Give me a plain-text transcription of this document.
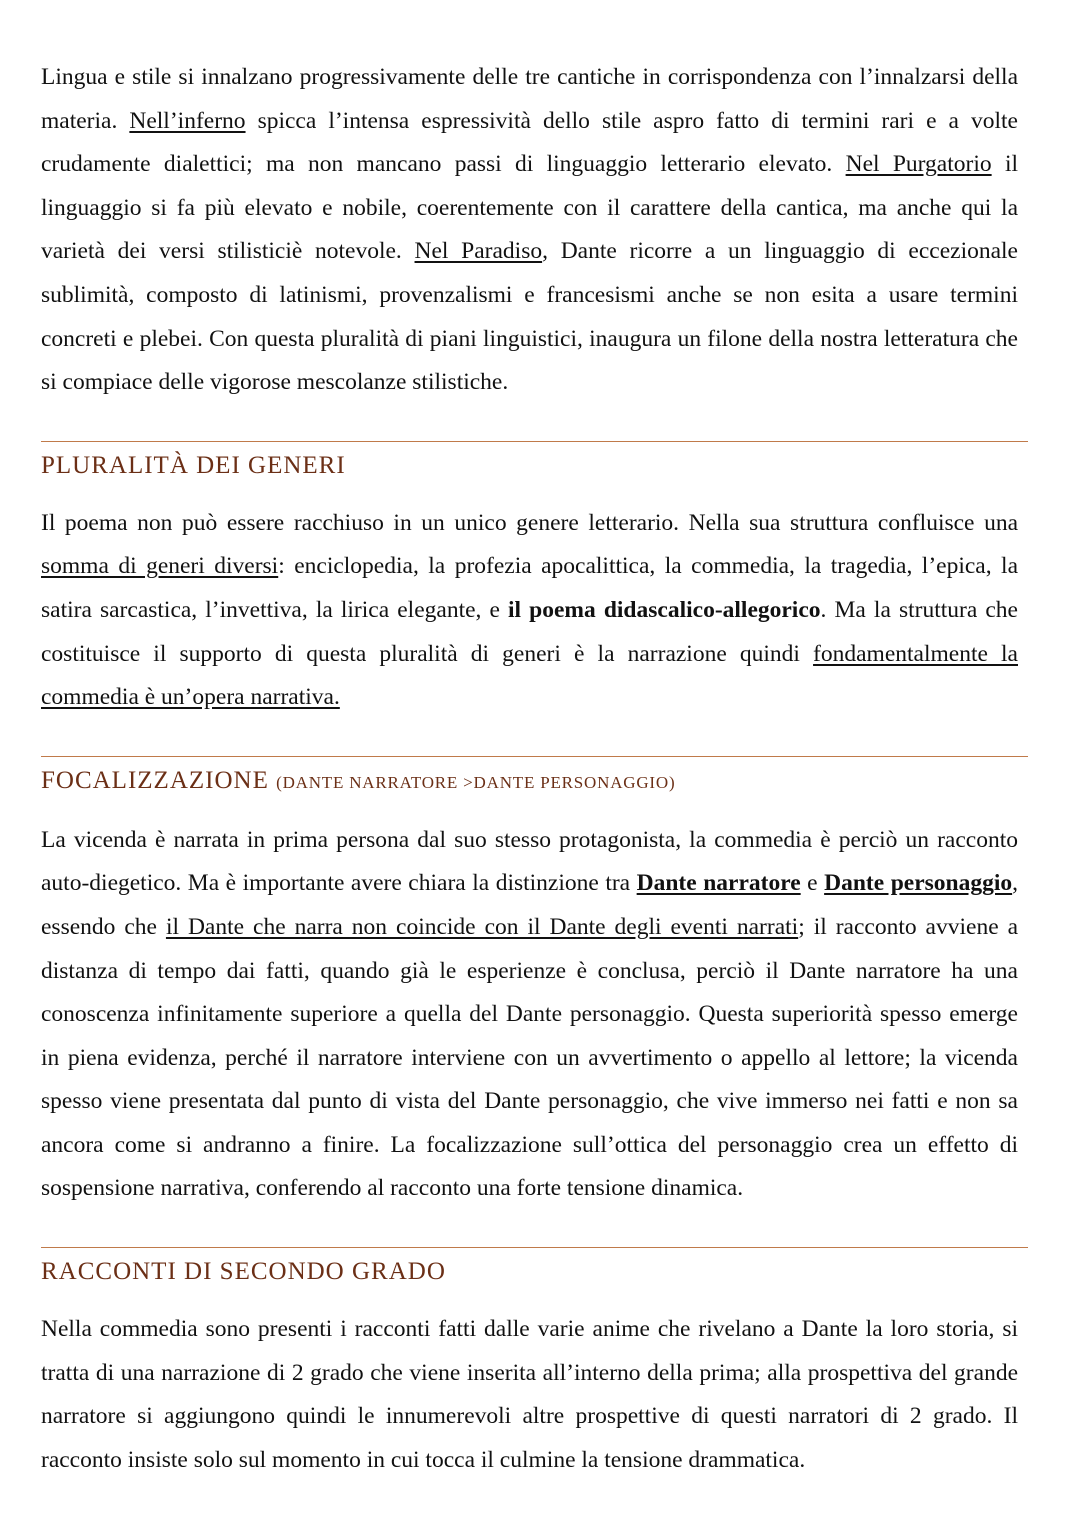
Lingua e stile si innalzano progressivamente delle tre cantiche in corrispondenza con l’innalzarsi della materia. Nell’inferno spicca l’intensa espressività dello stile aspro fatto di termini rari e a volte crudamente dialettici; ma non mancano passi di linguaggio letterario elevato. Nel Purgatorio il linguaggio si fa più elevato e nobile, coerentemente con il carattere della cantica, ma anche qui la varietà dei versi stilisticiè notevole. Nel Paradiso, Dante ricorre a un linguaggio di eccezionale sublimità, composto di latinismi, provenzalismi e francesismi anche se non esita a usare termini concreti e plebei. Con questa pluralità di piani linguistici, inaugura un filone della nostra letteratura che si compiace delle vigorose mescolanze stilistiche.

PLURALITÀ DEI GENERI

Il poema non può essere racchiuso in un unico genere letterario. Nella sua struttura confluisce una somma di generi diversi: enciclopedia, la profezia apocalittica, la commedia, la tragedia, l’epica, la satira sarcastica, l’invettiva, la lirica elegante, e il poema didascalico-allegorico. Ma la struttura che costituisce il supporto di questa pluralità di generi è la narrazione quindi fondamentalmente la commedia è un’opera narrativa.

FOCALIZZAZIONE (DANTE NARRATORE >DANTE PERSONAGGIO)

La vicenda è narrata in prima persona dal suo stesso protagonista, la commedia è perciò un racconto auto-diegetico. Ma è importante avere chiara la distinzione tra Dante narratore e Dante personaggio, essendo che il Dante che narra non coincide con il Dante degli eventi narrati; il racconto avviene a distanza di tempo dai fatti, quando già le esperienze è conclusa, perciò il Dante narratore ha una conoscenza infinitamente superiore a quella del Dante personaggio. Questa superiorità spesso emerge in piena evidenza, perché il narratore interviene con un avvertimento o appello al lettore; la vicenda spesso viene presentata dal punto di vista del Dante personaggio, che vive immerso nei fatti e non sa ancora come si andranno a finire. La focalizzazione sull’ottica del personaggio crea un effetto di sospensione narrativa, conferendo al racconto una forte tensione dinamica.

RACCONTI DI SECONDO GRADO

Nella commedia sono presenti i racconti fatti dalle varie anime che rivelano a Dante la loro storia, si tratta di una narrazione di 2 grado che viene inserita all’interno della prima; alla prospettiva del grande narratore si aggiungono quindi le innumerevoli altre prospettive di questi narratori di 2 grado. Il racconto insiste solo sul momento in cui tocca il culmine la tensione drammatica.
